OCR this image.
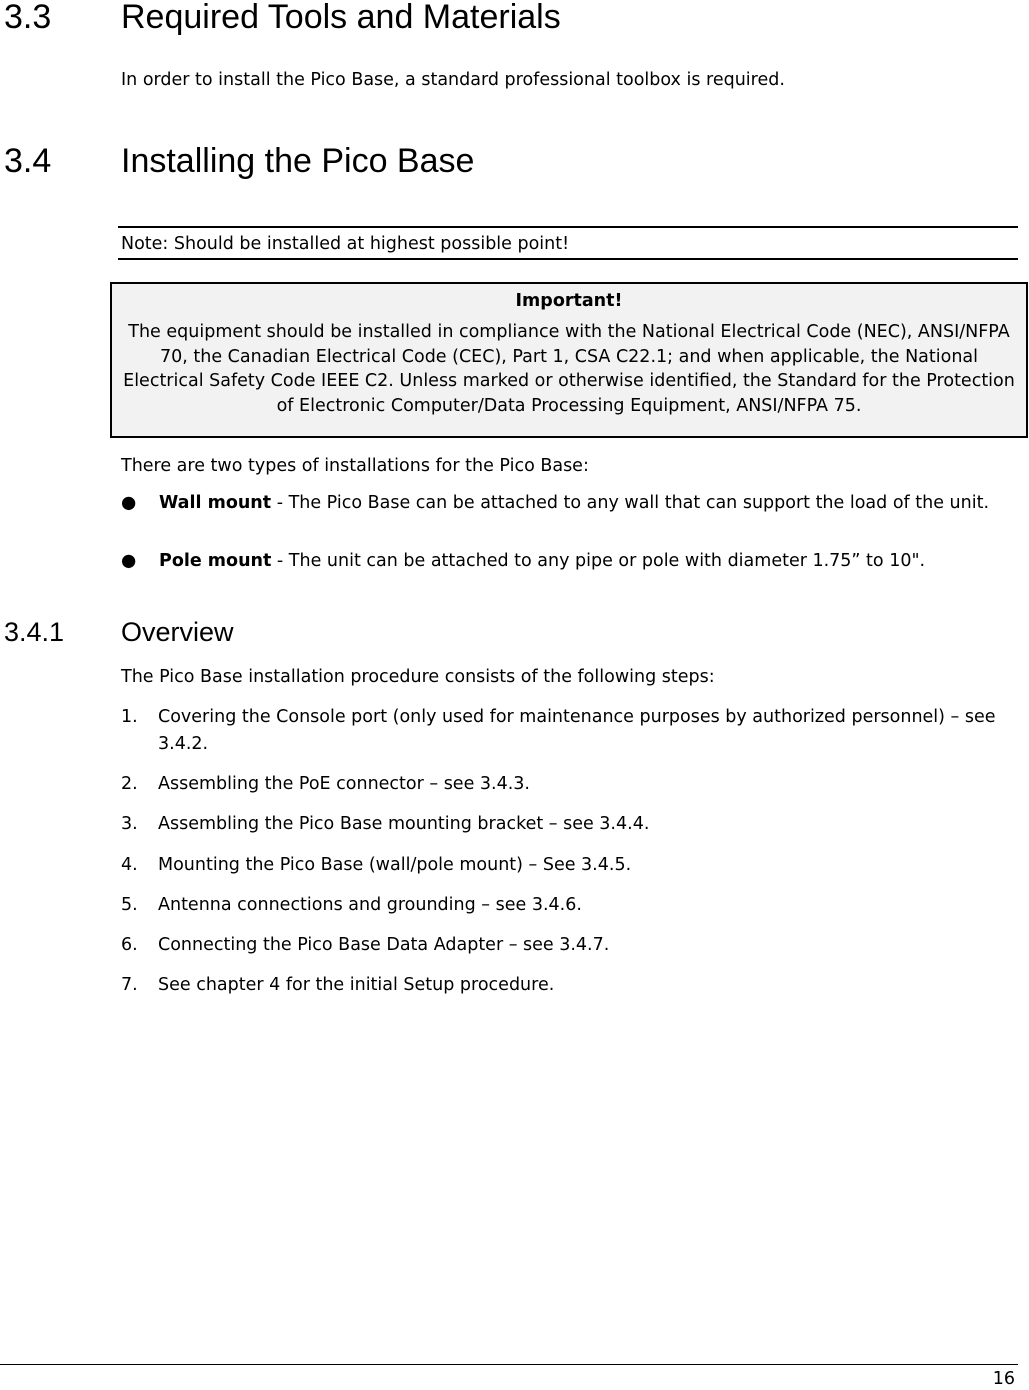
3.3 Required Tools and Materials
In order to install the Pico Base, a standard professional toolbox is required.
3.4 Installing the Pico Base
Note: Should be installed at highest possible point!
Important!
The equipment should be installed in compliance with the National Electrical Code (NEC), ANSI/NFPA 70, the Canadian Electrical Code (CEC), Part 1, CSA C22.1; and when applicable, the National Electrical Safety Code IEEE C2. Unless marked or otherwise identified, the Standard for the Protection of Electronic Computer/Data Processing Equipment, ANSI/NFPA 75.
There are two types of installations for the Pico Base:
● Wall mount - The Pico Base can be attached to any wall that can support the load of the unit.
● Pole mount - The unit can be attached to any pipe or pole with diameter 1.75” to 10".
3.4.1 Overview
The Pico Base installation procedure consists of the following steps:
1. Covering the Console port (only used for maintenance purposes by authorized personnel) – see 3.4.2.
2. Assembling the PoE connector – see 3.4.3.
3. Assembling the Pico Base mounting bracket – see 3.4.4.
4. Mounting the Pico Base (wall/pole mount) – See 3.4.5.
5. Antenna connections and grounding – see 3.4.6.
6. Connecting the Pico Base Data Adapter – see 3.4.7.
7. See chapter 4 for the initial Setup procedure.
16
